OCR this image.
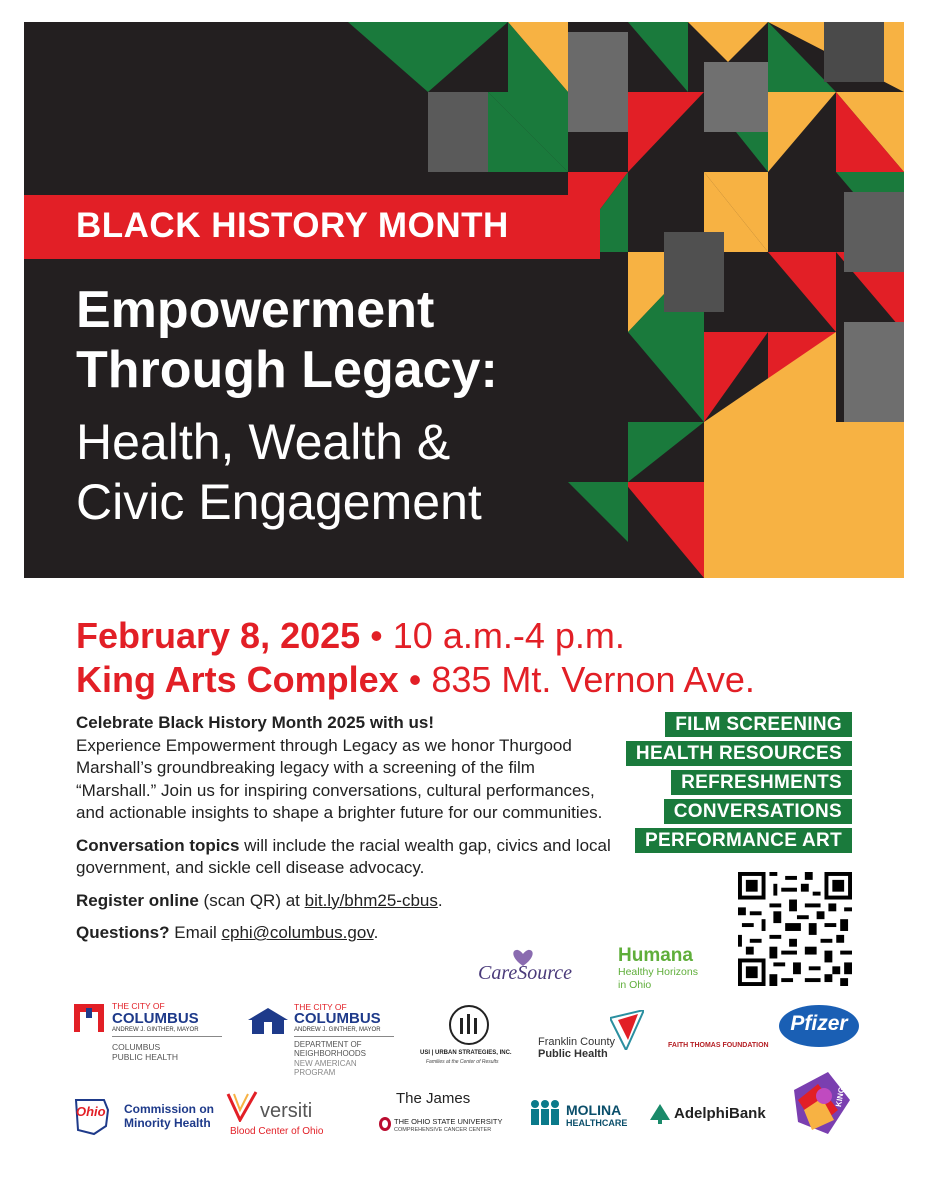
BLACK HISTORY MONTH
Empowerment
Through Legacy:
Health, Wealth &
Civic Engagement
February 8, 2025 • 10 a.m.-4 p.m.
King Arts Complex • 835 Mt. Vernon Ave.

Celebrate Black History Month 2025 with us!
Experience Empowerment through Legacy as we honor Thurgood Marshall’s groundbreaking legacy with a screening of the film “Marshall.” Join us for inspiring conversations, cultural performances, and actionable insights to shape a brighter future for our communities.

Conversation topics will include the racial wealth gap, civics and local government, and sickle cell disease advocacy.

Register online (scan QR) at bit.ly/bhm25-cbus.

Questions? Email cphi@columbus.gov.

FILM SCREENING
HEALTH RESOURCES
REFRESHMENTS
CONVERSATIONS
PERFORMANCE ART
CareSource
Humana
Healthy Horizons
in Ohio
THE CITY OF
COLUMBUS
ANDREW J. GINTHER, MAYOR
COLUMBUS
PUBLIC HEALTH
THE CITY OF
COLUMBUS
ANDREW J. GINTHER, MAYOR
DEPARTMENT OF
NEIGHBORHOODS
NEW AMERICAN
PROGRAM
USI | URBAN STRATEGIES, INC.
Families at the Center of Results
Franklin County
Public Health
FAITH THOMAS FOUNDATION
Pfizer
Ohio Commission on
Minority Health
versiti
Blood Center of Ohio
The James
THE OHIO STATE UNIVERSITY
COMPREHENSIVE CANCER CENTER
MOLINA
HEALTHCARE
AdelphiBank
KING
